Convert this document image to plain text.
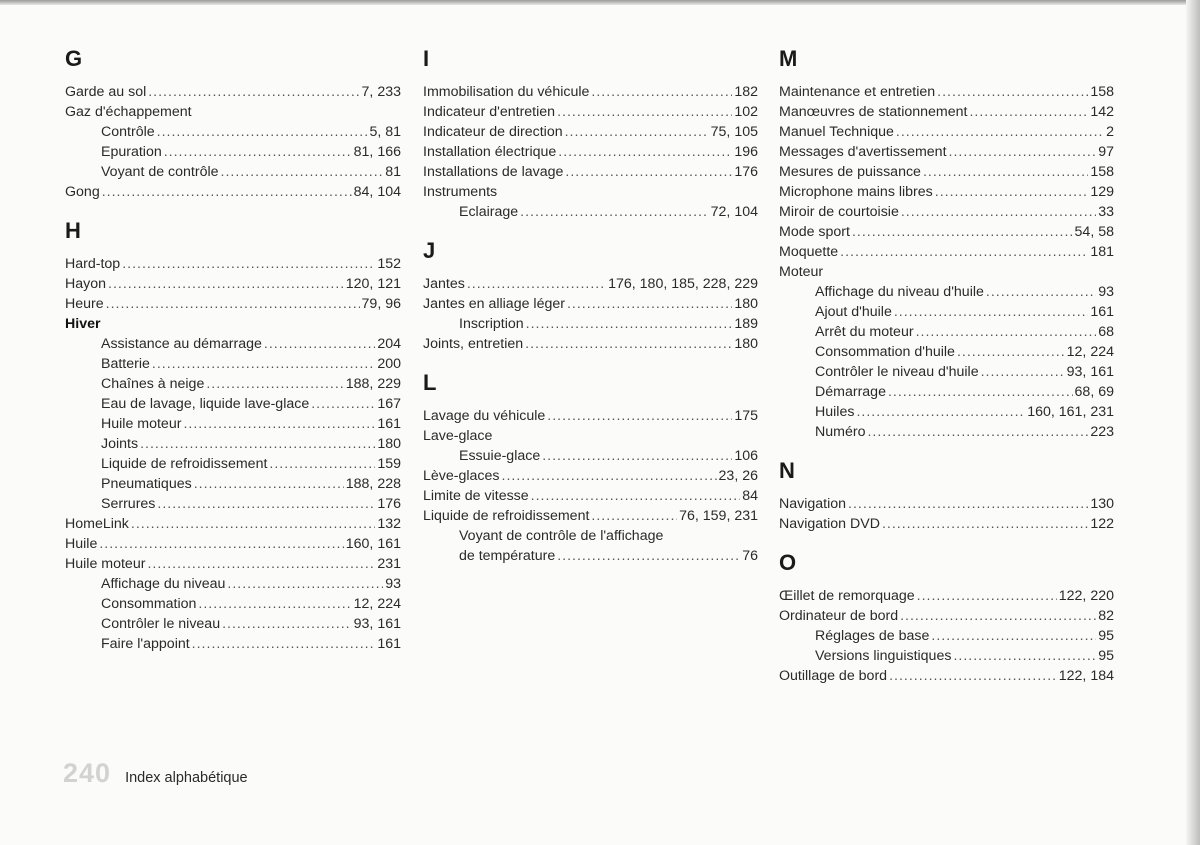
G
Garde au sol .....	7, 233
Gaz d'échappement
Contrôle .....	5, 81
Epuration .....	81, 166
Voyant de contrôle .....	81
Gong .....	84, 104
H
Hard-top .....	152
Hayon .....	120, 121
Heure .....	79, 96
Hiver
Assistance au démarrage .....	204
Batterie .....	200
Chaînes à neige .....	188, 229
Eau de lavage, liquide lave-glace .....	167
Huile moteur .....	161
Joints .....	180
Liquide de refroidissement .....	159
Pneumatiques .....	188, 228
Serrures .....	176
HomeLink .....	132
Huile .....	160, 161
Huile moteur .....	231
Affichage du niveau .....	93
Consommation .....	12, 224
Contrôler le niveau .....	93, 161
Faire l'appoint .....	161
I
Immobilisation du véhicule .....	182
Indicateur d'entretien .....	102
Indicateur de direction .....	75, 105
Installation électrique .....	196
Installations de lavage .....	176
Instruments
Eclairage .....	72, 104
J
Jantes .....	176, 180, 185, 228, 229
Jantes en alliage léger .....	180
Inscription .....	189
Joints, entretien .....	180
L
Lavage du véhicule .....	175
Lave-glace
Essuie-glace .....	106
Lève-glaces .....	23, 26
Limite de vitesse .....	84
Liquide de refroidissement .....	76, 159, 231
Voyant de contrôle de l'affichage
de température .....	76
M
Maintenance et entretien .....	158
Manœuvres de stationnement .....	142
Manuel Technique .....	2
Messages d'avertissement .....	97
Mesures de puissance .....	158
Microphone mains libres .....	129
Miroir de courtoisie .....	33
Mode sport .....	54, 58
Moquette .....	181
Moteur
Affichage du niveau d'huile .....	93
Ajout d'huile .....	161
Arrêt du moteur .....	68
Consommation d'huile .....	12, 224
Contrôler le niveau d'huile .....	93, 161
Démarrage .....	68, 69
Huiles .....	160, 161, 231
Numéro .....	223
N
Navigation .....	130
Navigation DVD .....	122
O
Œillet de remorquage .....	122, 220
Ordinateur de bord .....	82
Réglages de base .....	95
Versions linguistiques .....	95
Outillage de bord .....	122, 184
240 Index alphabétique
